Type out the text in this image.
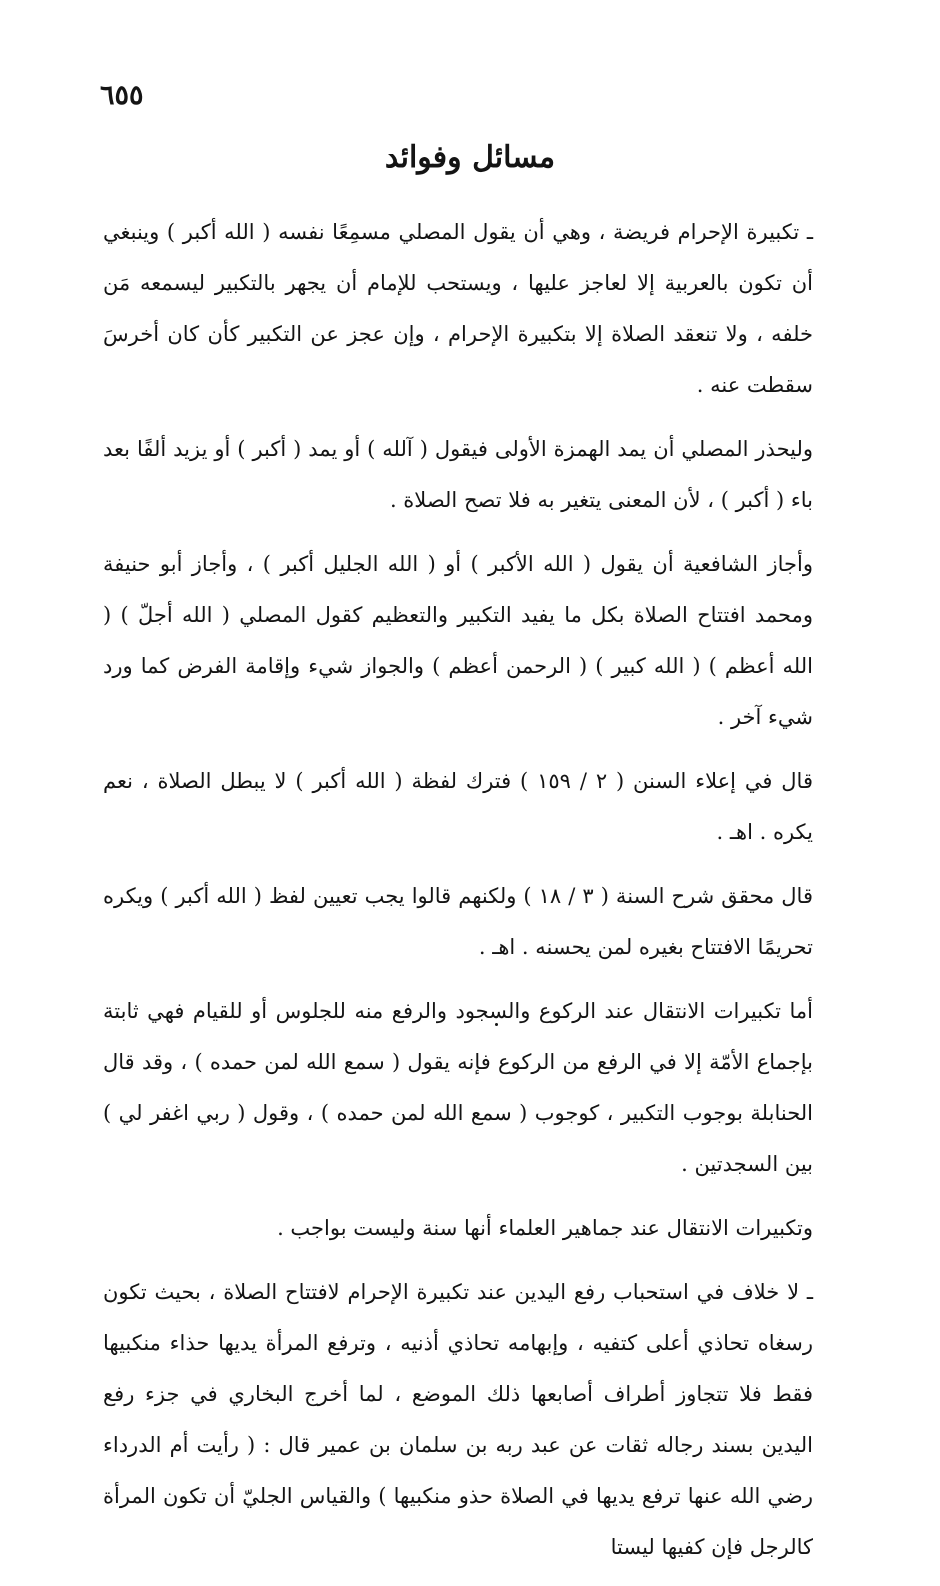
٦٥٥
مسائل وفوائد

ـ تكبيرة الإحرام فريضة ، وهي أن يقول المصلي مسمِعًا نفسه ( الله أكبر ) وينبغي أن تكون بالعربية إلا لعاجز عليها ، ويستحب للإمام أن يجهر بالتكبير ليسمعه مَن خلفه ، ولا تنعقد الصلاة إلا بتكبيرة الإحرام ، وإن عجز عن التكبير كأن كان أخرسَ سقطت عنه .

وليحذر المصلي أن يمد الهمزة الأولى فيقول ( آلله ) أو يمد ( أكبر ) أو يزيد ألفًا بعد باء ( أكبر ) ، لأن المعنى يتغير به فلا تصح الصلاة .

وأجاز الشافعية أن يقول ( الله الأكبر ) أو ( الله الجليل أكبر ) ، وأجاز أبو حنيفة ومحمد افتتاح الصلاة بكل ما يفيد التكبير والتعظيم كقول المصلي ( الله أجلّ ) ( الله أعظم ) ( الله كبير ) ( الرحمن أعظم ) والجواز شيء وإقامة الفرض كما ورد شيء آخر .

قال في إعلاء السنن ( ٢ / ١٥٩ ) فترك لفظة ( الله أكبر ) لا يبطل الصلاة ، نعم يكره . اهـ .

قال محقق شرح السنة ( ٣ / ١٨ ) ولكنهم قالوا يجب تعيين لفظ ( الله أكبر ) ويكره تحريمًا الافتتاح بغيره لمن يحسنه . اهـ .

أما تكبيرات الانتقال عند الركوع والسجود والرفع منه للجلوس أو للقيام فهي ثابتة بإجماع الأمّة إلا في الرفع من الركوع فإنه يقول ( سمع الله لمن حمده ) ، وقد قال الحنابلة بوجوب التكبير ، كوجوب ( سمع الله لمن حمده ) ، وقول ( ربي اغفر لي ) بين السجدتين .

وتكبيرات الانتقال عند جماهير العلماء أنها سنة وليست بواجب .

ـ لا خلاف في استحباب رفع اليدين عند تكبيرة الإحرام لافتتاح الصلاة ، بحيث تكون رسغاه تحاذي أعلى كتفيه ، وإبهامه تحاذي أذنيه ، وترفع المرأة يديها حذاء منكبيها فقط فلا تتجاوز أطراف أصابعها ذلك الموضع ، لما أخرج البخاري في جزء رفع اليدين بسند رجاله ثقات عن عبد ربه بن سلمان بن عمير قال : ( رأيت أم الدرداء رضي الله عنها ترفع يديها في الصلاة حذو منكبيها ) والقياس الجليّ أن تكون المرأة كالرجل فإن كفيها ليستا
